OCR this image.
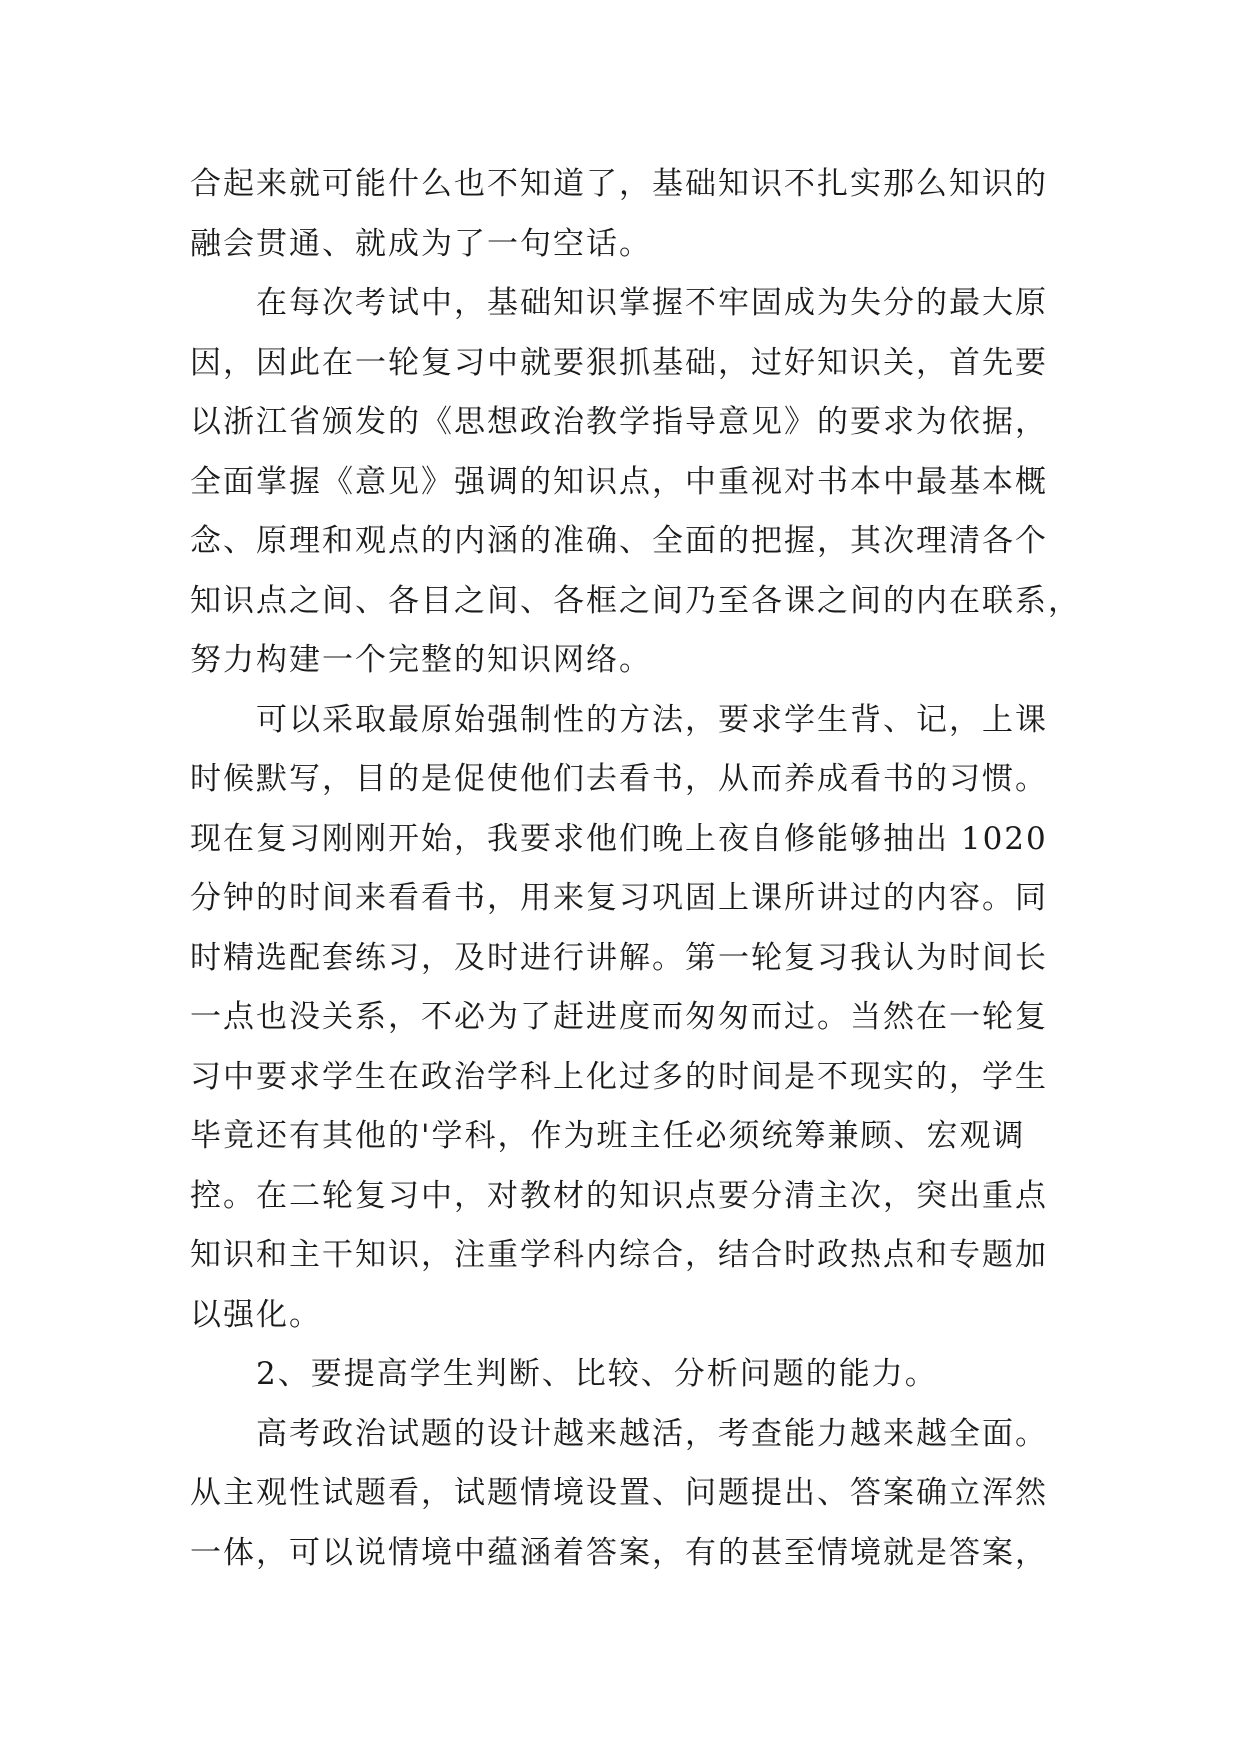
合起来就可能什么也不知道了，基础知识不扎实那么知识的
融会贯通、就成为了一句空话。
在每次考试中，基础知识掌握不牢固成为失分的最大原
因，因此在一轮复习中就要狠抓基础，过好知识关，首先要
以浙江省颁发的《思想政治教学指导意见》的要求为依据，
全面掌握《意见》强调的知识点，中重视对书本中最基本概
念、原理和观点的内涵的准确、全面的把握，其次理清各个
知识点之间、各目之间、各框之间乃至各课之间的内在联系，
努力构建一个完整的知识网络。
可以采取最原始强制性的方法，要求学生背、记，上课
时候默写，目的是促使他们去看书，从而养成看书的习惯。
现在复习刚刚开始，我要求他们晚上夜自修能够抽出 1020
分钟的时间来看看书，用来复习巩固上课所讲过的内容。同
时精选配套练习，及时进行讲解。第一轮复习我认为时间长
一点也没关系，不必为了赶进度而匆匆而过。当然在一轮复
习中要求学生在政治学科上化过多的时间是不现实的，学生
毕竟还有其他的'学科，作为班主任必须统筹兼顾、宏观调
控。在二轮复习中，对教材的知识点要分清主次，突出重点
知识和主干知识，注重学科内综合，结合时政热点和专题加
以强化。
2、要提高学生判断、比较、分析问题的能力。
高考政治试题的设计越来越活，考查能力越来越全面。
从主观性试题看，试题情境设置、问题提出、答案确立浑然
一体，可以说情境中蕴涵着答案，有的甚至情境就是答案，
